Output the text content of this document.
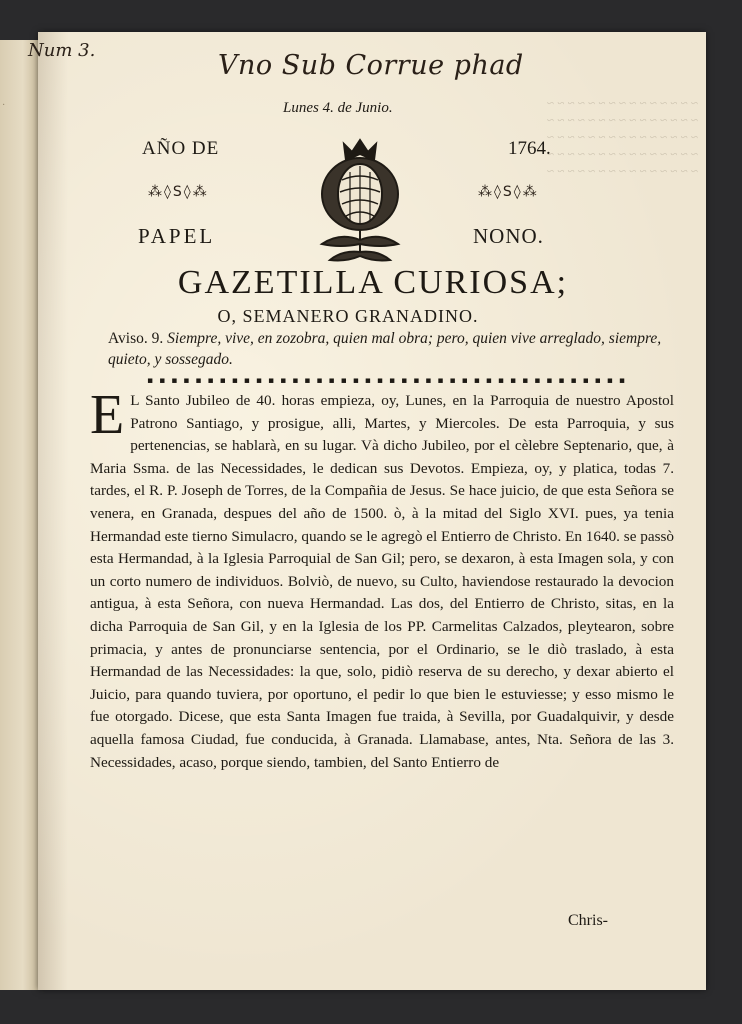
·	~ ~ ~ ~ ~ ~ ~ ~ ~ ~ ~ ~ ~ ~ ~
~ ~ ~ ~ ~ ~ ~ ~ ~ ~ ~ ~ ~ ~ ~
~ ~ ~ ~ ~ ~ ~ ~ ~ ~ ~ ~ ~ ~ ~
~ ~ ~ ~ ~ ~ ~ ~ ~ ~ ~ ~ ~ ~ ~
~ ~ ~ ~ ~ ~ ~ ~ ~ ~ ~ ~ ~ ~ ~
Num 3.	Vno Sub Corrue phad
Lunes 4. de Junio.
AÑO DE	1764.
⁂◊S◊⁂	⁂◊S◊⁂
PAPEL	NONO.
GAZETILLA CURIOSA;
O, SEMANERO GRANADINO.
Aviso. 9. Siempre, vive, en zozobra, quien mal obra; pero, quien vive arreglado, siempre, quieto, y sossegado.
▪▪▪▪▪▪▪▪▪▪▪▪▪▪▪▪▪▪▪▪▪▪▪▪▪▪▪▪▪▪▪▪▪▪▪▪▪▪▪▪
E L Santo Jubileo de 40. horas empieza, oy, Lunes, en la Parroquia de nuestro Apostol Patrono Santiago, y prosigue, alli, Martes, y Miercoles. De esta Parroquia, y sus pertenencias, se hablarà, en su lugar. Và dicho Jubileo, por el cèlebre Septenario, que, à Maria Ssma. de las Necessidades, le dedican sus Devotos. Empieza, oy, y platica, todas 7. tardes, el R. P. Joseph de Torres, de la Compañia de Jesus. Se hace juicio, de que esta Señora se venera, en Granada, despues del año de 1500. ò, à la mitad del Siglo XVI. pues, ya tenia Hermandad este tierno Simulacro, quando se le agregò el Entierro de Christo. En 1640. se passò esta Hermandad, à la Iglesia Parroquial de San Gil; pero, se dexaron, à esta Imagen sola, y con un corto numero de individuos. Bolviò, de nuevo, su Culto, haviendose restaurado la devocion antigua, à esta Señora, con nueva Hermandad. Las dos, del Entierro de Christo, sitas, en la dicha Parroquia de San Gil, y en la Iglesia de los PP. Carmelitas Calzados, pleytearon, sobre primacia, y antes de pronunciarse sentencia, por el Ordinario, se le diò traslado, à esta Hermandad de las Necessidades: la que, solo, pidiò reserva de su derecho, y dexar abierto el Juicio, para quando tuviera, por oportuno, el pedir lo que bien le estuviesse; y esso mismo le fue otorgado. Dicese, que esta Santa Imagen fue traida, à Sevilla, por Guadalquivir, y desde aquella famosa Ciudad, fue conducida, à Granada. Llamabase, antes, Nta. Señora de las 3. Necessidades, acaso, porque siendo, tambien, del Santo Entierro de
Chris-
